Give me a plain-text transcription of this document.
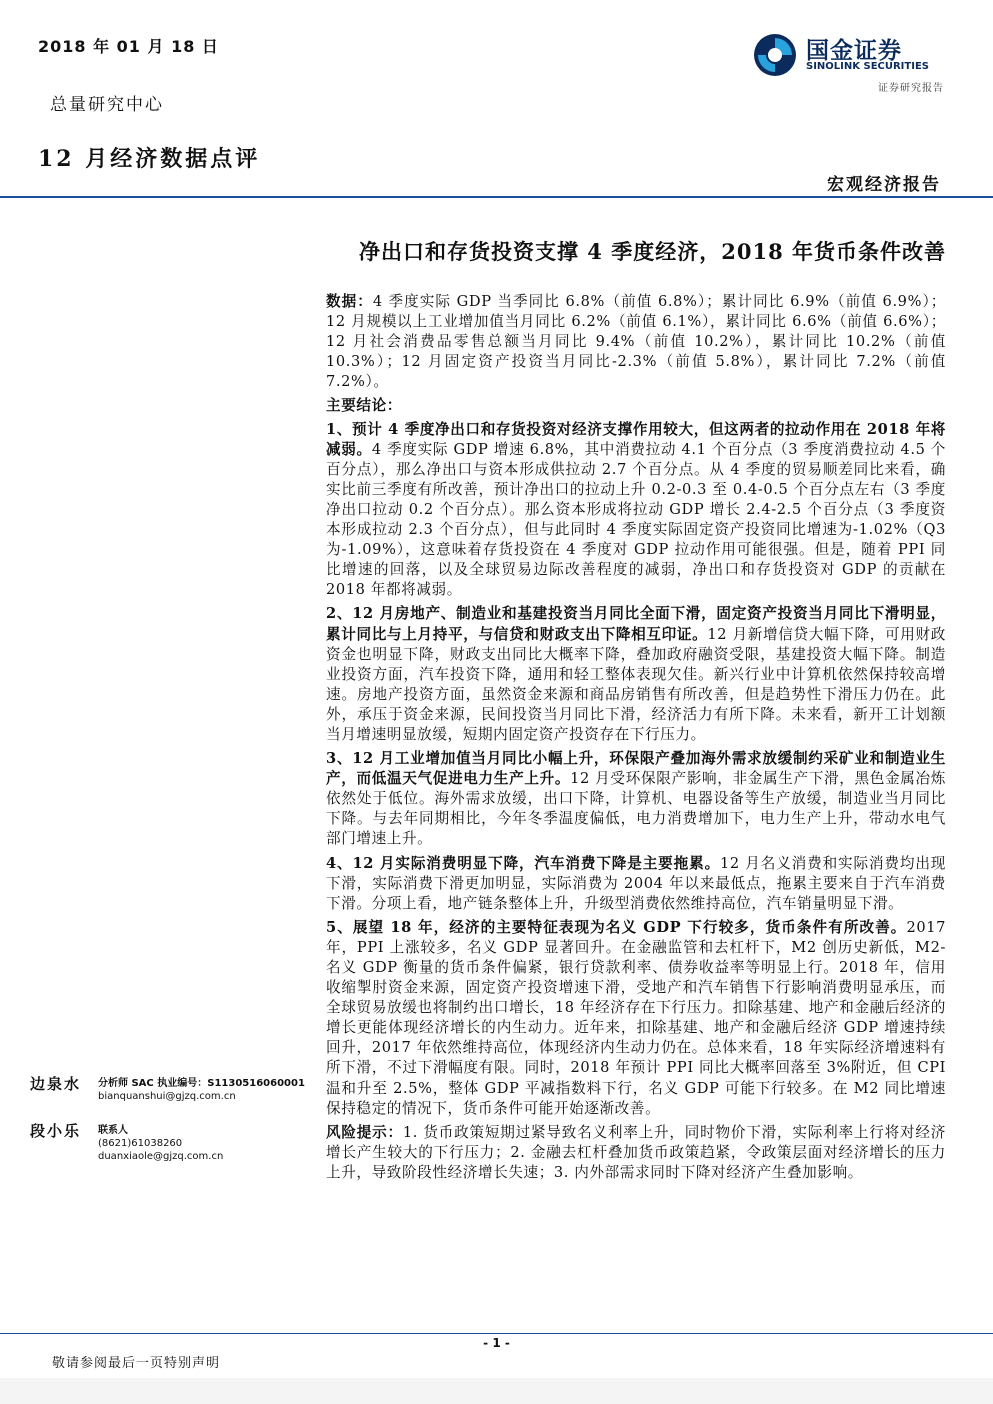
2018 年 01 月 18 日
总量研究中心
12 月经济数据点评
国金证券
SINOLINK SECURITIES
证券研究报告
宏观经济报告
净出口和存货投资支撑 4 季度经济，2018 年货币条件改善

数据：4 季度实际 GDP 当季同比 6.8%（前值 6.8%）；累计同比 6.9%（前值 6.9%）；12 月规模以上工业增加值当月同比 6.2%（前值 6.1%），累计同比 6.6%（前值 6.6%）；12 月社会消费品零售总额当月同比 9.4%（前值 10.2%），累计同比 10.2%（前值 10.3%）；12 月固定资产投资当月同比-2.3%（前值 5.8%），累计同比 7.2%（前值 7.2%）。

主要结论：

1、预计 4 季度净出口和存货投资对经济支撑作用较大，但这两者的拉动作用在 2018 年将减弱。4 季度实际 GDP 增速 6.8%，其中消费拉动 4.1 个百分点（3 季度消费拉动 4.5 个百分点），那么净出口与资本形成供拉动 2.7 个百分点。从 4 季度的贸易顺差同比来看，确实比前三季度有所改善，预计净出口的拉动上升 0.2-0.3 至 0.4-0.5 个百分点左右（3 季度净出口拉动 0.2 个百分点）。那么资本形成将拉动 GDP 增长 2.4-2.5 个百分点（3 季度资本形成拉动 2.3 个百分点），但与此同时 4 季度实际固定资产投资同比增速为-1.02%（Q3 为-1.09%），这意味着存货投资在 4 季度对 GDP 拉动作用可能很强。但是，随着 PPI 同比增速的回落，以及全球贸易边际改善程度的减弱，净出口和存货投资对 GDP 的贡献在 2018 年都将减弱。

2、12 月房地产、制造业和基建投资当月同比全面下滑，固定资产投资当月同比下滑明显，累计同比与上月持平，与信贷和财政支出下降相互印证。12 月新增信贷大幅下降，可用财政资金也明显下降，财政支出同比大概率下降，叠加政府融资受限，基建投资大幅下降。制造业投资方面，汽车投资下降，通用和轻工整体表现欠佳。新兴行业中计算机依然保持较高增速。房地产投资方面，虽然资金来源和商品房销售有所改善，但是趋势性下滑压力仍在。此外，承压于资金来源，民间投资当月同比下滑，经济活力有所下降。未来看，新开工计划额当月增速明显放缓，短期内固定资产投资存在下行压力。

3、12 月工业增加值当月同比小幅上升，环保限产叠加海外需求放缓制约采矿业和制造业生产，而低温天气促进电力生产上升。12 月受环保限产影响，非金属生产下滑，黑色金属冶炼依然处于低位。海外需求放缓，出口下降，计算机、电器设备等生产放缓，制造业当月同比下降。与去年同期相比，今年冬季温度偏低，电力消费增加下，电力生产上升，带动水电气部门增速上升。

4、12 月实际消费明显下降，汽车消费下降是主要拖累。12 月名义消费和实际消费均出现下滑，实际消费下滑更加明显，实际消费为 2004 年以来最低点，拖累主要来自于汽车消费下滑。分项上看，地产链条整体上升，升级型消费依然维持高位，汽车销量明显下滑。

5、展望 18 年，经济的主要特征表现为名义 GDP 下行较多，货币条件有所改善。2017 年，PPI 上涨较多，名义 GDP 显著回升。在金融监管和去杠杆下，M2 创历史新低，M2-名义 GDP 衡量的货币条件偏紧，银行贷款利率、债券收益率等明显上行。2018 年，信用收缩掣肘资金来源，固定资产投资增速下滑，受地产和汽车销售下行影响消费明显承压，而全球贸易放缓也将制约出口增长，18 年经济存在下行压力。扣除基建、地产和金融后经济的增长更能体现经济增长的内生动力。近年来，扣除基建、地产和金融后经济 GDP 增速持续回升，2017 年依然维持高位，体现经济内生动力仍在。总体来看，18 年实际经济增速料有所下滑，不过下滑幅度有限。同时，2018 年预计 PPI 同比大概率回落至 3%附近，但 CPI 温和升至 2.5%，整体 GDP 平减指数料下行，名义 GDP 可能下行较多。在 M2 同比增速保持稳定的情况下，货币条件可能开始逐渐改善。

风险提示：1. 货币政策短期过紧导致名义利率上升，同时物价下滑，实际利率上行将对经济增长产生较大的下行压力；2. 金融去杠杆叠加货币政策趋紧，令政策层面对经济增长的压力上升，导致阶段性经济增长失速；3. 内外部需求同时下降对经济产生叠加影响。

边泉水 分析师 SAC 执业编号：S1130516060001
bianquanshui@gjzq.com.cn
段小乐 联系人
(8621)61038260
duanxiaole@gjzq.com.cn
- 1 -
敬请参阅最后一页特别声明
